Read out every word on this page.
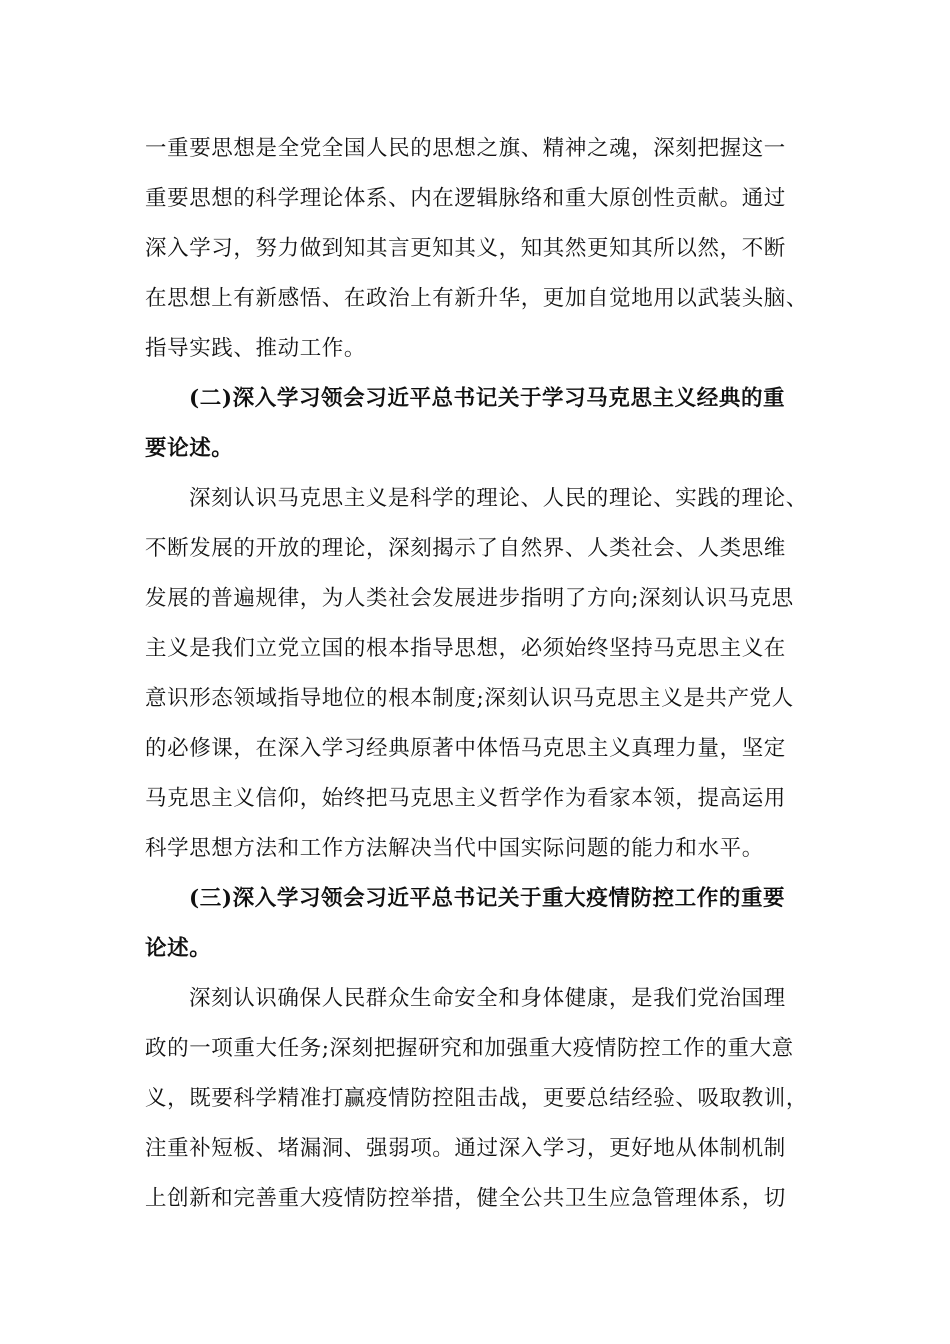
一重要思想是全党全国人民的思想之旗、精神之魂，深刻把握这一
重要思想的科学理论体系、内在逻辑脉络和重大原创性贡献。通过
深入学习，努力做到知其言更知其义，知其然更知其所以然，不断
在思想上有新感悟、在政治上有新升华，更加自觉地用以武装头脑、
指导实践、推动工作。
(二)深入学习领会习近平总书记关于学习马克思主义经典的重
要论述。
深刻认识马克思主义是科学的理论、人民的理论、实践的理论、
不断发展的开放的理论，深刻揭示了自然界、人类社会、人类思维
发展的普遍规律，为人类社会发展进步指明了方向;深刻认识马克思
主义是我们立党立国的根本指导思想，必须始终坚持马克思主义在
意识形态领域指导地位的根本制度;深刻认识马克思主义是共产党人
的必修课，在深入学习经典原著中体悟马克思主义真理力量，坚定
马克思主义信仰，始终把马克思主义哲学作为看家本领，提高运用
科学思想方法和工作方法解决当代中国实际问题的能力和水平。
(三)深入学习领会习近平总书记关于重大疫情防控工作的重要
论述。
深刻认识确保人民群众生命安全和身体健康，是我们党治国理
政的一项重大任务;深刻把握研究和加强重大疫情防控工作的重大意
义，既要科学精准打赢疫情防控阻击战，更要总结经验、吸取教训，
注重补短板、堵漏洞、强弱项。通过深入学习，更好地从体制机制
上创新和完善重大疫情防控举措，健全公共卫生应急管理体系，切
